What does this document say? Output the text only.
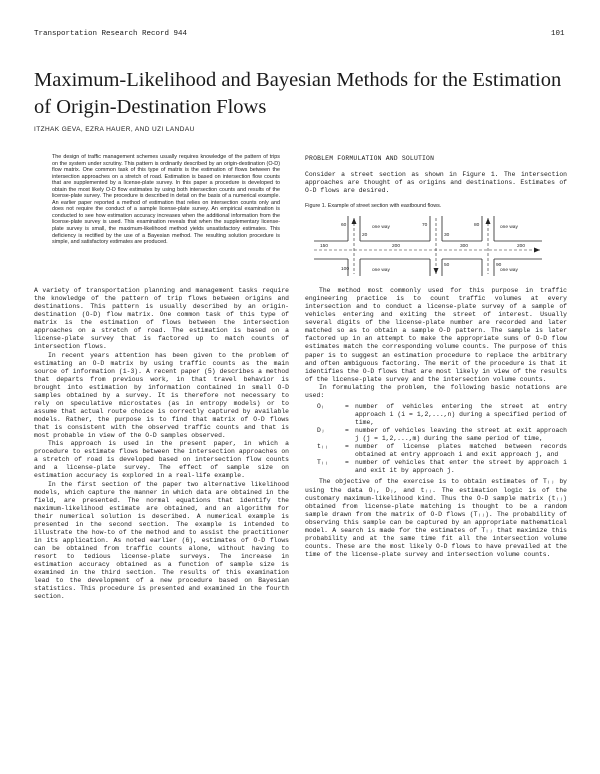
Transportation Research Record 944	101
Maximum-Likelihood and Bayesian Methods for the Estimation of Origin-Destination Flows
ITZHAK GEVA, EZRA HAUER, AND UZI LANDAU
The design of traffic management schemes usually requires knowledge of the pattern of trips on the system under scrutiny. This pattern is ordinarily described by an origin-destination (O-D) flow matrix. One common task of this type of matrix is the estimation of flows between the intersection approaches on a stretch of road. Estimation is based on intersection flow counts that are supplemented by a license-plate survey. In this paper a procedure is developed to obtain the most likely O-D flow estimates by using both intersection counts and results of the license-plate survey. The procedure is described in detail on the basis of a numerical example. An earlier paper reported a method of estimation that relies on intersection counts only and does not require the conduct of a sample license-plate survey. An empirical examination is conducted to see how estimation accuracy increases when the additional information from the license-plate survey is used. This examination reveals that when the supplementary license-plate survey is small, the maximum-likelihood method yields unsatisfactory estimates. This deficiency is rectified by the use of a Bayesian method. The resulting solution procedure is simple, and satisfactory estimates are produced.

A variety of transportation planning and management tasks require the knowledge of the pattern of trip flows between origins and destinations. This pattern is usually described by an origin-destination (O-D) flow matrix. One common task of this type of matrix is the estimation of flows between the intersection approaches on a stretch of road. The estimation is based on a license-plate survey that is factored up to match counts of intersection flows.

In recent years attention has been given to the problem of estimating an O-D matrix by using traffic counts as the main source of information (1-3). A recent paper (5) describes a method that departs from previous work, in that travel behavior is brought into estimation by information contained in small O-D samples obtained by a survey. It is therefore not necessary to rely on speculative microstates (as in entropy models) or to assume that actual route choice is correctly captured by available models. Rather, the purpose is to find that matrix of O-D flows that is consistent with the observed traffic counts and that is most probable in view of the O-D samples observed.

This approach is used in the present paper, in which a procedure to estimate flows between the intersection approaches on a stretch of road is developed based on intersection flow counts and a license-plate survey. The effect of sample size on estimation accuracy is explored in a real-life example.

In the first section of the paper two alternative likelihood models, which capture the manner in which data are obtained in the field, are presented. The normal equations that identify the maximum-likelihood estimate are obtained, and an algorithm for their numerical solution is described. A numerical example is presented in the second section. The example is intended to illustrate the how-to of the method and to assist the practitioner in its application. As noted earlier (6), estimates of O-D flows can be obtained from traffic counts alone, without having to resort to tedious license-plate surveys. The increase in estimation accuracy obtained as a function of sample size is examined in the third section. The results of this examination lead to the development of a new procedure based on Bayesian statistics. This procedure is presented and examined in the fourth section.

PROBLEM FORMULATION AND SOLUTION

Consider a street section as shown in Figure 1. The intersection approaches are thought of as origins and destinations. Estimates of O-D flows are desired.

Figure 1. Example of street section with eastbound flows.
one way	one way
one way	one way
150	200	300	200
60
20
100
70
30
50
80
90

The method most commonly used for this purpose in traffic engineering practice is to count traffic volumes at every intersection and to conduct a license-plate survey of a sample of vehicles entering and exiting the street of interest. Usually several digits of the license-plate number are recorded and later matched so as to obtain a sample O-D pattern. The sample is later factored up in an attempt to make the appropriate sums of O-D flow estimates match the corresponding volume counts. The purpose of this paper is to suggest an estimation procedure to replace the arbitrary and often ambiguous factoring. The merit of the procedure is that it identifies the O-D flows that are most likely in view of the results of the license-plate survey and the intersection volume counts.

In formulating the problem, the following basic notations are used:

Oᵢ	= number of vehicles entering the street at entry approach i (i = 1,2,...,n) during a specified period of time,
Dⱼ	= number of vehicles leaving the street at exit approach j (j = 1,2,...,m) during the same period of time,
tᵢⱼ	= number of license plates matched between records obtained at entry approach i and exit approach j, and
Tᵢⱼ	= number of vehicles that enter the street by approach i and exit it by approach j.

The objective of the exercise is to obtain estimates of Tᵢⱼ by using the data Oᵢ, Dⱼ, and tᵢⱼ. The estimation logic is of the customary maximum-likelihood kind. Thus the O-D sample matrix (tᵢⱼ) obtained from license-plate matching is thought to be a random sample drawn from the matrix of O-D flows (Tᵢⱼ). The probability of observing this sample can be captured by an appropriate mathematical model. A search is made for the estimates of Tᵢⱼ that maximize this probability and at the same time fit all the intersection volume counts. These are the most likely O-D flows to have prevailed at the time of the license-plate survey and intersection volume counts.
